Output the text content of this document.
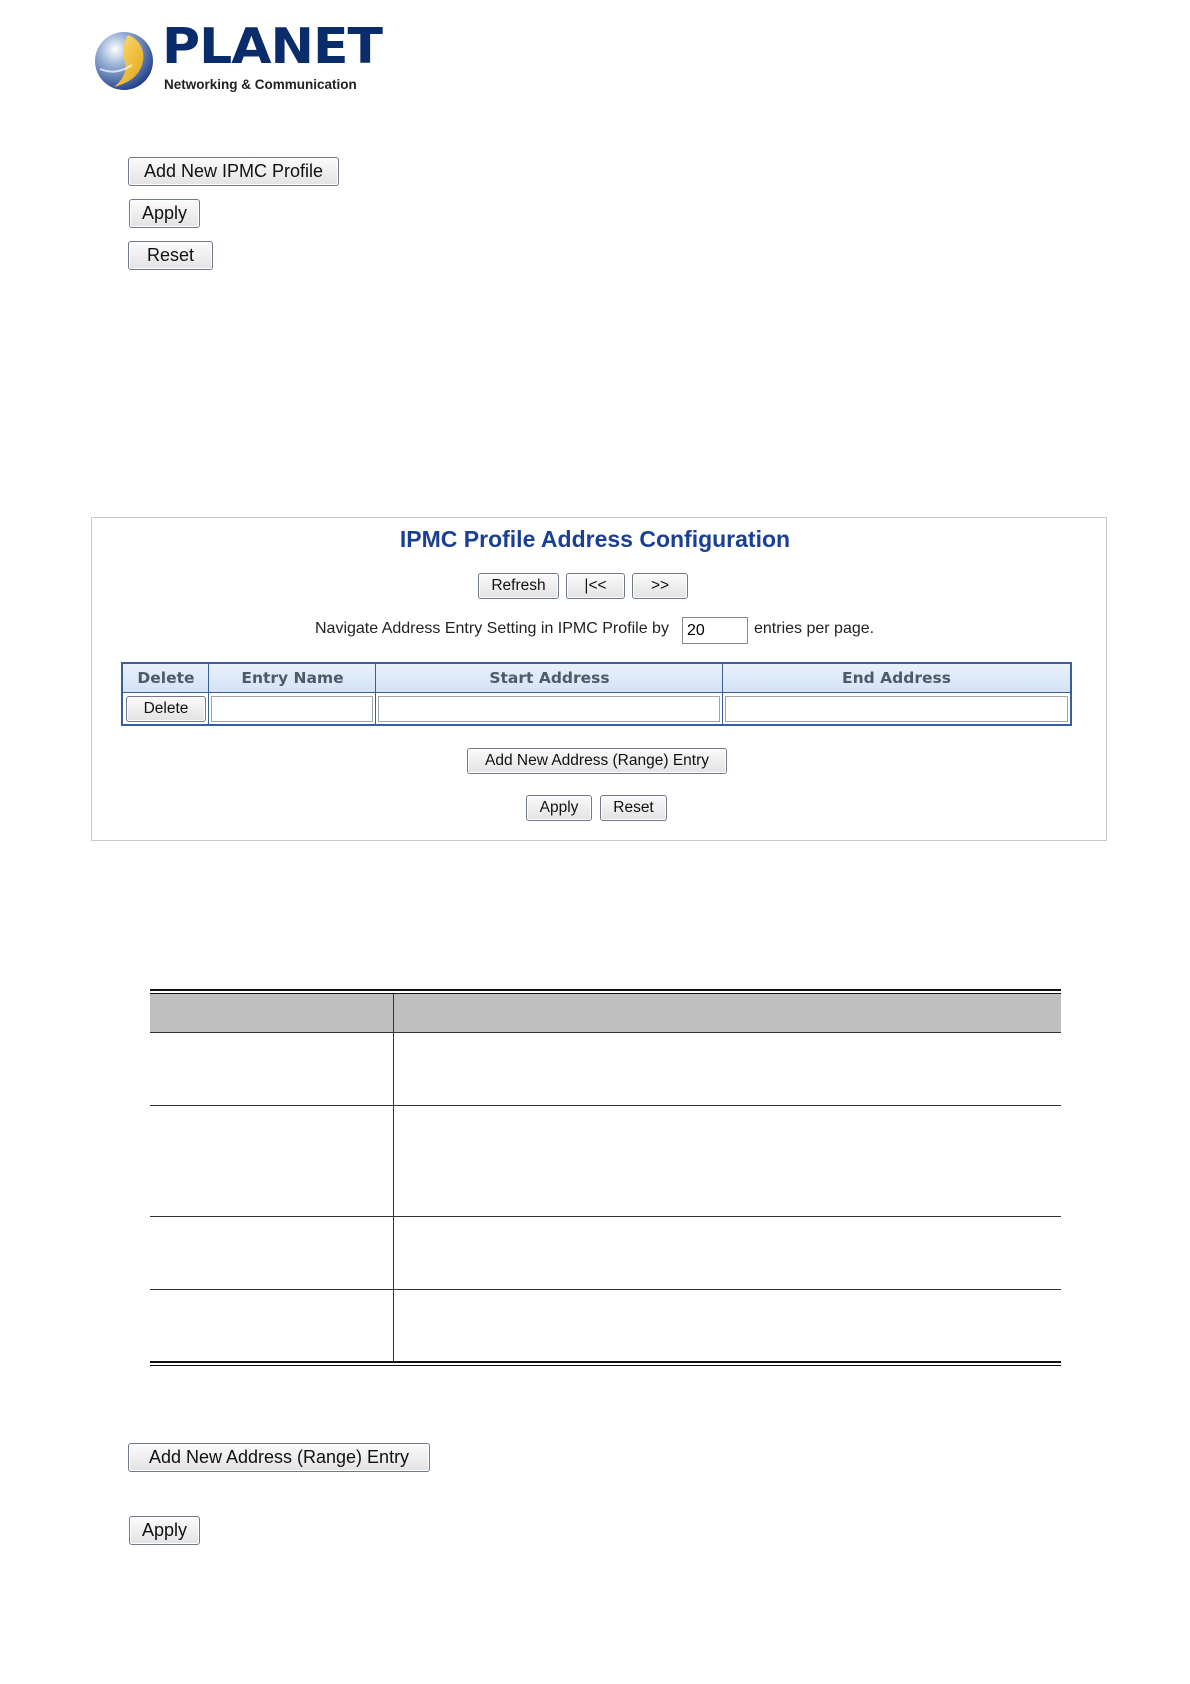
PLANET
Networking & Communication
Add New IPMC Profile
Apply
Reset
IPMC Profile Address Configuration
Refresh	|<<	>>
Navigate Address Entry Setting in IPMC Profile by
20	entries per page.
Delete	Entry Name	Start Address	End Address
Delete
Add New Address (Range) Entry
Apply	Reset
Add New Address (Range) Entry
Apply
